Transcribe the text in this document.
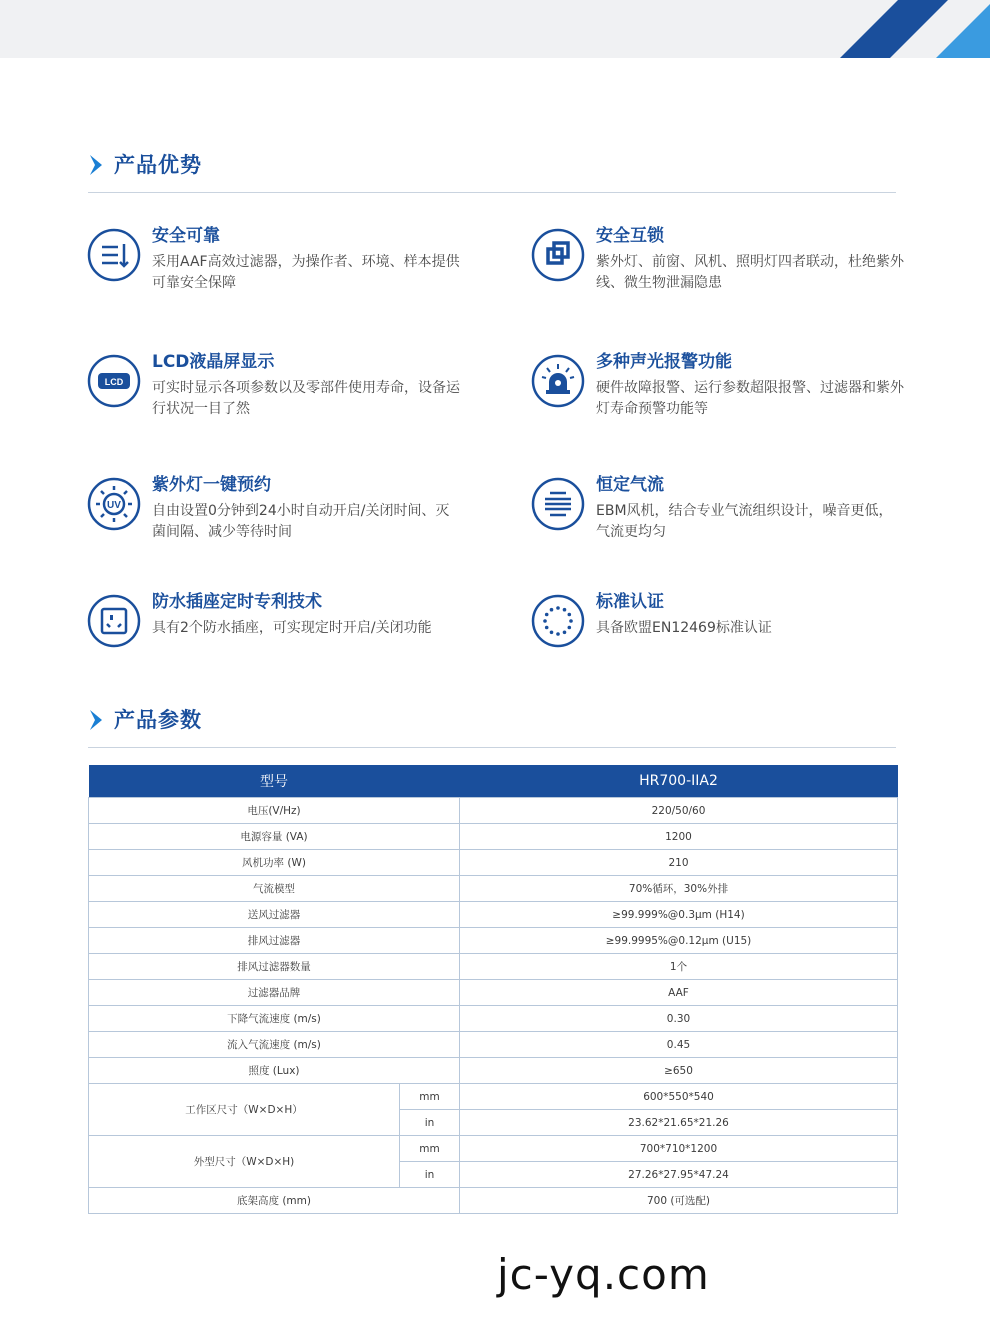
产品优势
安全可靠
采用AAF高效过滤器，为操作者、环境、样本提供可靠安全保障
安全互锁
紫外灯、前窗、风机、照明灯四者联动，杜绝紫外线、微生物泄漏隐患
LCD
LCD液晶屏显示
可实时显示各项参数以及零部件使用寿命，设备运行状况一目了然
多种声光报警功能
硬件故障报警、运行参数超限报警、过滤器和紫外灯寿命预警功能等
UV
紫外灯一键预约
自由设置0分钟到24小时自动开启/关闭时间、灭菌间隔、减少等待时间
恒定气流
EBM风机，结合专业气流组织设计，噪音更低，气流更均匀
防水插座定时专利技术
具有2个防水插座，可实现定时开启/关闭功能
标准认证
具备欧盟EN12469标准认证
产品参数
型号		HR700-IIA2
电压(V/Hz)		220/50/60
电源容量 (VA)		1200
风机功率 (W)		210
气流模型		70%循环，30%外排
送风过滤器		≥99.999%@0.3μm (H14)
排风过滤器		≥99.9995%@0.12μm (U15)
排风过滤器数量		1个
过滤器品牌		AAF
下降气流速度 (m/s)		0.30
流入气流速度 (m/s)		0.45
照度 (Lux)		≥650
工作区尺寸（W×D×H）	mm	600*550*540
	in	23.62*21.65*21.26
外型尺寸（W×D×H)	mm	700*710*1200
	in	27.26*27.95*47.24
底架高度 (mm)		700 (可选配)
jc-yq.com
